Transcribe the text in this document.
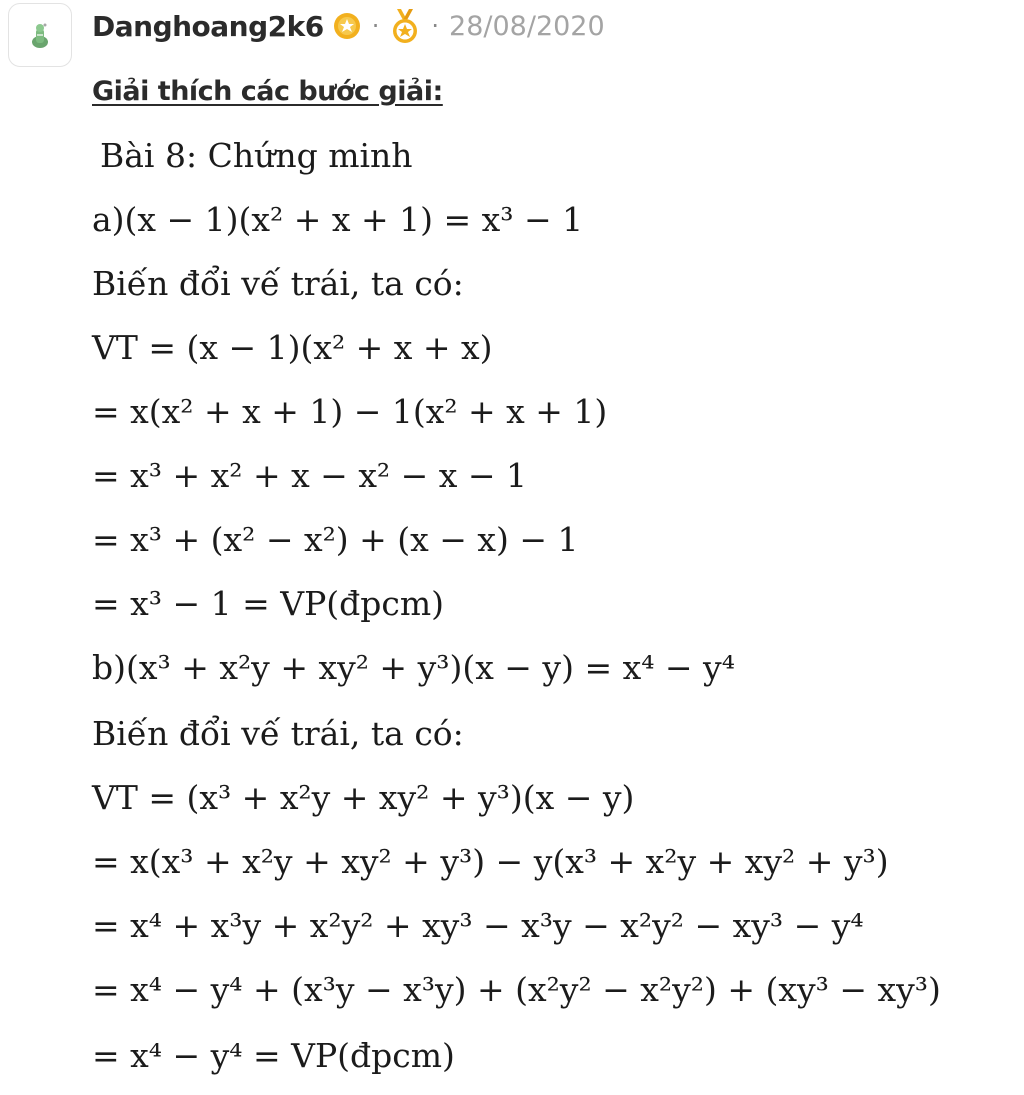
Danghoang2k6 · · 28/08/2020
Giải thích các bước giải:
Bài 8: Chứng minh
a)(x − 1)(x² + x + 1) = x³ − 1
Biến đổi vế trái, ta có:
VT = (x − 1)(x² + x + x)
= x(x² + x + 1) − 1(x² + x + 1)
= x³ + x² + x − x² − x − 1
= x³ + (x² − x²) + (x − x) − 1
= x³ − 1 = VP(đpcm)
b)(x³ + x²y + xy² + y³)(x − y) = x⁴ − y⁴
Biến đổi vế trái, ta có:
VT = (x³ + x²y + xy² + y³)(x − y)
= x(x³ + x²y + xy² + y³) − y(x³ + x²y + xy² + y³)
= x⁴ + x³y + x²y² + xy³ − x³y − x²y² − xy³ − y⁴
= x⁴ − y⁴ + (x³y − x³y) + (x²y² − x²y²) + (xy³ − xy³)
= x⁴ − y⁴ = VP(đpcm)
